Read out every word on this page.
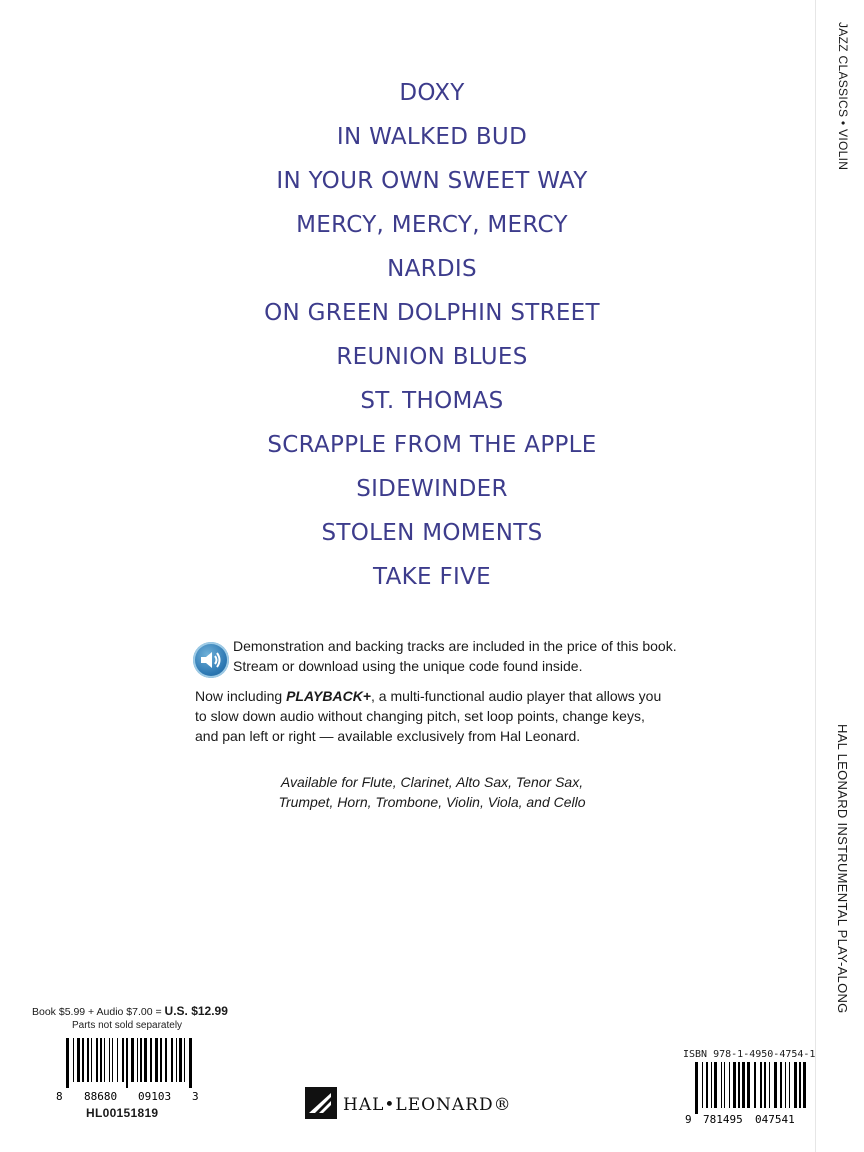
JAZZ CLASSICS • VIOLIN
HAL LEONARD INSTRUMENTAL PLAY-ALONG
DOXY
IN WALKED BUD
IN YOUR OWN SWEET WAY
MERCY, MERCY, MERCY
NARDIS
ON GREEN DOLPHIN STREET
REUNION BLUES
ST. THOMAS
SCRAPPLE FROM THE APPLE
SIDEWINDER
STOLEN MOMENTS
TAKE FIVE
Demonstration and backing tracks are included in the price of this book.
Stream or download using the unique code found inside.
Now including PLAYBACK+, a multi-functional audio player that allows you
to slow down audio without changing pitch, set loop points, change keys,
and pan left or right — available exclusively from Hal Leonard.
Available for Flute, Clarinet, Alto Sax, Tenor Sax,
Trumpet, Horn, Trombone, Violin, Viola, and Cello
Book $5.99 + Audio $7.00 = U.S. $12.99
Parts not sold separately
8 88680 09103 3
HL00151819
ISBN 978-1-4950-4754-1
9 781495 047541
HAL•LEONARD®
